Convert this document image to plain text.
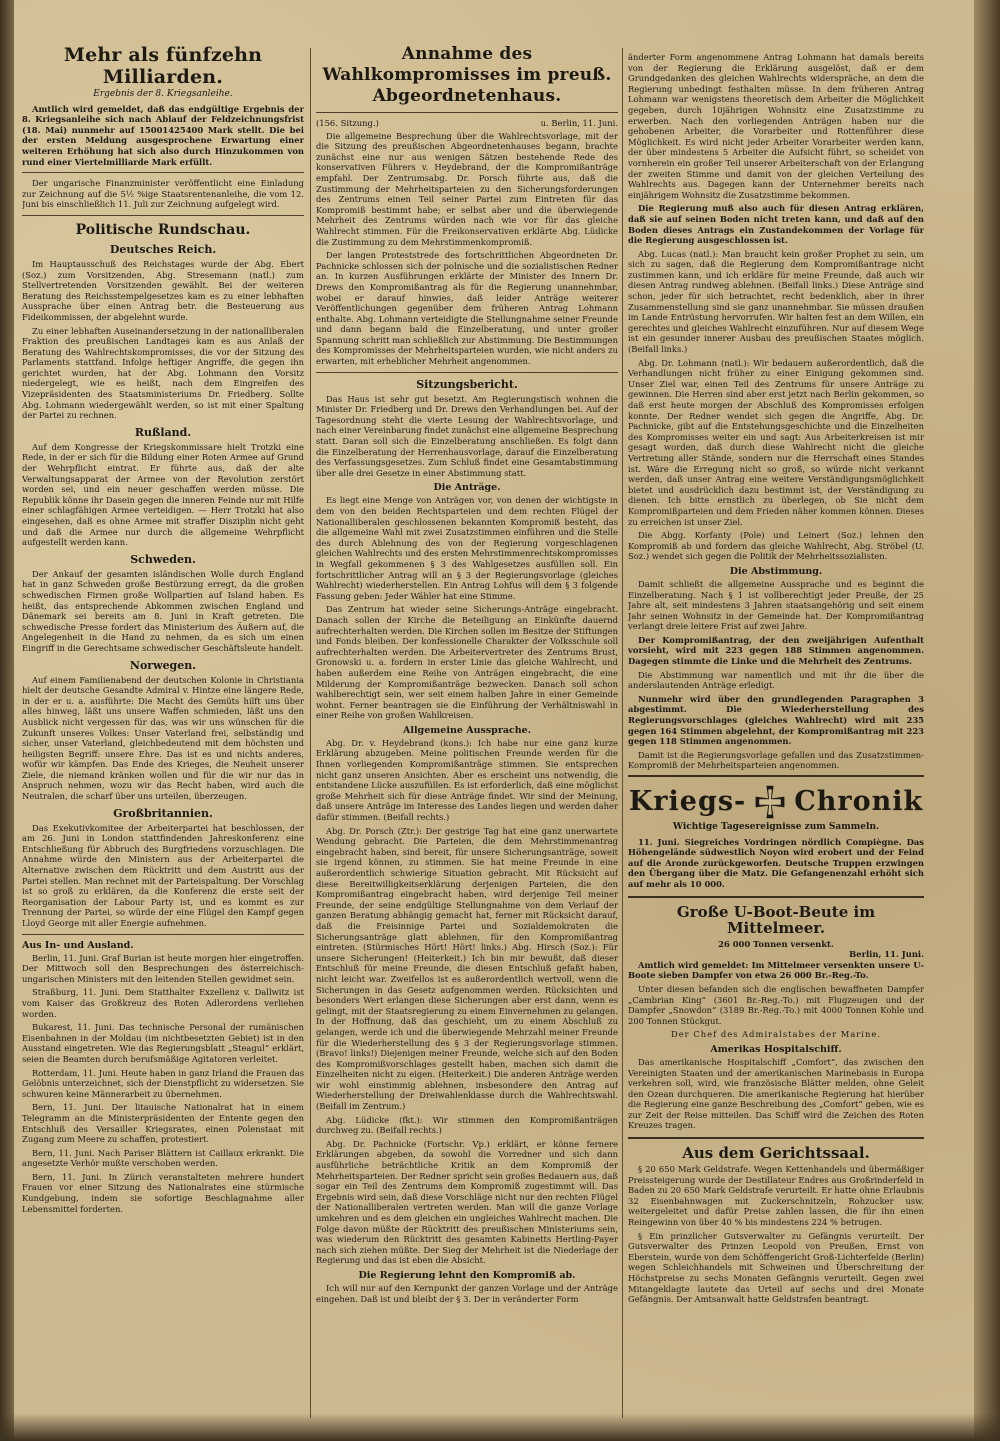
Mehr als fünfzehn Milliarden.
Ergebnis der 8. Kriegsanleihe.

Amtlich wird gemeldet, daß das endgültige Ergebnis der 8. Kriegsanleihe sich nach Ablauf der Feldzeichnungsfrist (18. Mai) nunmehr auf 15001425400 Mark stellt. Die bei der ersten Meldung ausgesprochene Erwartung einer weiteren Erhöhung hat sich also durch Hinzukommen von rund einer Viertelmilliarde Mark erfüllt.

Der ungarische Finanzminister veröffentlicht eine Einladung zur Zeichnung auf die 5½ %ige Staatsrentenanleihe, die vom 12. Juni bis einschließlich 11. Juli zur Zeichnung aufgelegt wird.

Politische Rundschau.
Deutsches Reich.

Im Hauptausschuß des Reichstages wurde der Abg. Ebert (Soz.) zum Vorsitzenden, Abg. Stresemann (natl.) zum Stellvertretenden Vorsitzenden gewählt. Bei der weiteren Beratung des Reichsstempelgesetzes kam es zu einer lebhaften Aussprache über einen Antrag betr. die Besteuerung aus Fideikommissen, der abgelehnt wurde.

Zu einer lebhaften Auseinandersetzung in der nationalliberalen Fraktion des preußischen Landtages kam es aus Anlaß der Beratung des Wahlrechtskompromisses, die vor der Sitzung des Parlaments stattfand. Infolge heftiger Angriffe, die gegen ihn gerichtet wurden, hat der Abg. Lohmann den Vorsitz niedergelegt, wie es heißt, nach dem Eingreifen des Vizepräsidenten des Staatsministeriums Dr. Friedberg. Sollte Abg. Lohmann wiedergewählt werden, so ist mit einer Spaltung der Partei zu rechnen.

Rußland.

Auf dem Kongresse der Kriegskommissare hielt Trotzki eine Rede, in der er sich für die Bildung einer Roten Armee auf Grund der Wehrpflicht eintrat. Er führte aus, daß der alte Verwaltungsapparat der Armee von der Revolution zerstört worden sei, und ein neuer geschaffen werden müsse. Die Republik könne ihr Dasein gegen die inneren Feinde nur mit Hilfe einer schlagfähigen Armee verteidigen. — Herr Trotzki hat also eingesehen, daß es ohne Armee mit straffer Disziplin nicht geht und daß die Armee nur durch die allgemeine Wehrpflicht aufgestellt werden kann.

Schweden.

Der Ankauf der gesamten isländischen Wolle durch England hat in ganz Schweden große Bestürzung erregt, da die großen schwedischen Firmen große Wollpartien auf Island haben. Es heißt, das entsprechende Abkommen zwischen England und Dänemark sei bereits am 8. Juni in Kraft getreten. Die schwedische Presse fordert das Ministerium des Äußern auf, die Angelegenheit in die Hand zu nehmen, da es sich um einen Eingriff in die Gerechtsame schwedischer Geschäftsleute handelt.

Norwegen.

Auf einem Familienabend der deutschen Kolonie in Christiania hielt der deutsche Gesandte Admiral v. Hintze eine längere Rede, in der er u. a. ausführte: Die Macht des Gemüts hilft uns über alles hinweg, läßt uns unsere Waffen schmieden, läßt uns den Ausblick nicht vergessen für das, was wir uns wünschen für die Zukunft unseres Volkes: Unser Vaterland frei, selbständig und sicher, unser Vaterland, gleichbedeutend mit dem höchsten und heiligsten Begriff: unsere Ehre. Das ist es und nichts anderes, wofür wir kämpfen. Das Ende des Krieges, die Neuheit unserer Ziele, die niemand kränken wollen und für die wir nur das in Anspruch nehmen, wozu wir das Recht haben, wird auch die Neutralen, die scharf über uns urteilen, überzeugen.

Großbritannien.

Das Exekutivkomitee der Arbeiterpartei hat beschlossen, der am 26. Juni in London stattfindenden Jahreskonferenz eine Entschließung für Abbruch des Burgfriedens vorzuschlagen. Die Annahme würde den Ministern aus der Arbeiterpartei die Alternative zwischen dem Rücktritt und dem Austritt aus der Partei stellen. Man rechnet mit der Parteispaltung. Der Vorschlag ist so groß zu erklären, da die Konferenz die erste seit der Reorganisation der Labour Party ist, und es kommt es zur Trennung der Partei, so würde der eine Flügel den Kampf gegen Lloyd George mit aller Energie aufnehmen.

Aus In- und Ausland.

Berlin, 11. Juni. Graf Burian ist heute morgen hier eingetroffen. Der Mittwoch soll den Besprechungen des österreichisch-ungarischen Ministers mit den leitenden Stellen gewidmet sein.

Straßburg, 11. Juni. Dem Statthalter Exzellenz v. Dallwitz ist vom Kaiser das Großkreuz des Roten Adlerordens verliehen worden.

Bukarest, 11. Juni. Das technische Personal der rumänischen Eisenbahnen in der Moldau (im nichtbesetzten Gebiet) ist in den Ausstand eingetreten. Wie das Regierungsblatt „Steagul“ erklärt, seien die Beamten durch berufsmäßige Agitatoren verleitet.

Rotterdam, 11. Juni. Heute haben in ganz Irland die Frauen das Gelöbnis unterzeichnet, sich der Dienstpflicht zu widersetzen. Sie schwuren keine Männerarbeit zu übernehmen.

Bern, 11. Juni. Der litauische Nationalrat hat in einem Telegramm an die Ministerpräsidenten der Entente gegen den Entschluß des Versailler Kriegsrates, einen Polenstaat mit Zugang zum Meere zu schaffen, protestiert.

Bern, 11. Juni. Nach Pariser Blättern ist Caillaux erkrankt. Die angesetzte Verhör mußte verschoben werden.

Bern, 11. Juni. In Zürich veranstalteten mehrere hundert Frauen vor einer Sitzung des Nationalrates eine stürmische Kundgebung, indem sie sofortige Beschlagnahme aller Lebensmittel forderten.

Annahme des Wahlkompromisses im preuß. Abgeordnetenhaus.
(156. Sitzung.)	u. Berlin, 11. Juni.

Die allgemeine Besprechung über die Wahlrechtsvorlage, mit der die Sitzung des preußischen Abgeordnetenhauses begann, brachte zunächst eine nur aus wenigen Sätzen bestehende Rede des konservativen Führers v. Heydebrand, der die Kompromißanträge empfahl. Der Zentrumsabg. Dr. Porsch führte aus, daß die Zustimmung der Mehrheitsparteien zu den Sicherungsforderungen des Zentrums einen Teil seiner Partei zum Eintreten für das Kompromiß bestimmt habe; er selbst aber und die überwiegende Mehrheit des Zentrums würden nach wie vor für das gleiche Wahlrecht stimmen. Für die Freikonservativen erklärte Abg. Lüdicke die Zustimmung zu dem Mehrstimmenkompromiß.

Der langen Proteststrede des fortschrittlichen Abgeordneten Dr. Pachnicke schlossen sich der polnische und die sozialistischen Redner an. In kurzen Ausführungen erklärte der Minister des Innern Dr. Drews den Kompromißantrag als für die Regierung unannehmbar, wobei er darauf hinwies, daß leider Anträge weiterer Veröffentlichungen gegenüber dem früheren Antrag Lohmann enthalte. Abg. Lohmann verteidigte die Stellungnahme seiner Freunde und dann begann bald die Einzelberatung, und unter großer Spannung schritt man schließlich zur Abstimmung. Die Bestimmungen des Kompromisses der Mehrheitsparteien wurden, wie nicht anders zu erwarten, mit erheblicher Mehrheit angenommen.

Sitzungsbericht.

Das Haus ist sehr gut besetzt. Am Regierungstisch wohnen die Minister Dr. Friedberg und Dr. Drews den Verhandlungen bei. Auf der Tagesordnung steht die vierte Lesung der Wahlrechtsvorlage, und nach einer Vereinbarung findet zunächst eine allgemeine Besprechung statt. Daran soll sich die Einzelberatung anschließen. Es folgt dann die Einzelberatung der Herrenhausvorlage, darauf die Einzelberatung des Verfassungsgesetzes. Zum Schluß findet eine Gesamtabstimmung über alle drei Gesetze in einer Abstimmung statt.

Die Anträge.

Es liegt eine Menge von Anträgen vor, von denen der wichtigste in dem von den beiden Rechtsparteien und dem rechten Flügel der Nationalliberalen geschlossenen bekannten Kompromiß besteht, das die allgemeine Wahl mit zwei Zusatzstimmen einführen und die Stelle des durch Ablehnung des von der Regierung vorgeschlagenen gleichen Wahlrechts und des ersten Mehrstimmenrechtskompromisses in Wegfall gekommenen § 3 des Wahlgesetzes ausfüllen soll. Ein fortschrittlicher Antrag will an § 3 der Regierungsvorlage (gleiches Wahlrecht) wiederherstellen. Ein Antrag Lohfus will dem § 3 folgende Fassung geben: Jeder Wähler hat eine Stimme.

Das Zentrum hat wieder seine Sicherungs-Anträge eingebracht. Danach sollen der Kirche die Beteiligung an Einkünfte dauernd aufrechterhalten werden. Die Kirchen sollen im Besitze der Stiftungen und Fonds bleiben. Der konfessionelle Charakter der Volksschule soll aufrechterhalten werden. Die Arbeitervertreter des Zentrums Brust, Gronowski u. a. fordern in erster Linie das gleiche Wahlrecht, und haben außerdem eine Reihe von Anträgen eingebracht, die eine Milderung der Kompromißanträge bezwecken. Danach soll schon wahlberechtigt sein, wer seit einem halben Jahre in einer Gemeinde wohnt. Ferner beantragen sie die Einführung der Verhältniswahl in einer Reihe von großen Wahlkreisen.

Allgemeine Aussprache.

Abg. Dr. v. Heydebrand (kons.): Ich habe nur eine ganz kurze Erklärung abzugeben. Meine politischen Freunde werden für die Ihnen vorliegenden Kompromißanträge stimmen. Sie entsprechen nicht ganz unseren Ansichten. Aber es erscheint uns notwendig, die entstandene Lücke auszufüllen. Es ist erforderlich, daß eine möglichst große Mehrheit sich für diese Anträge findet. Wir sind der Meinung, daß unsere Anträge im Interesse des Landes liegen und werden daher dafür stimmen. (Beifall rechts.)

Abg. Dr. Porsch (Ztr.): Der gestrige Tag hat eine ganz unerwartete Wendung gebracht. Die Parteien, die dem Mehrstimmenantrag eingebracht haben, sind bereit, für unsere Sicherungsanträge, soweit sie irgend können, zu stimmen. Sie hat meine Freunde in eine außerordentlich schwierige Situation gebracht. Mit Rücksicht auf diese Bereitwilligkeitserklärung derjenigen Parteien, die den Kompromißantrag eingebracht haben, wird derjenige Teil meiner Freunde, der seine endgültige Stellungnahme von dem Verlauf der ganzen Beratung abhängig gemacht hat, ferner mit Rücksicht darauf, daß die Freisinnige Partei und Sozialdemokraten die Sicherungsanträge glatt ablehnen, für den Kompromißantrag eintreten. (Stürmisches Hört! Hört! links.) Abg. Hirsch (Soz.): Für unsere Sicherungen! (Heiterkeit.) Ich bin mir bewußt, daß dieser Entschluß für meine Freunde, die diesen Entschluß gefaßt haben, nicht leicht war. Zweifellos ist es außerordentlich wertvoll, wenn die Sicherungen in das Gesetz aufgenommen werden. Rücksichten und besonders Wert erlangen diese Sicherungen aber erst dann, wenn es gelingt, mit der Staatsregierung zu einem Einvernehmen zu gelangen. In der Hoffnung, daß das geschieht, um zu einem Abschluß zu gelangen, werde ich und die überwiegende Mehrzahl meiner Freunde für die Wiederherstellung des § 3 der Regierungsvorlage stimmen. (Bravo! links!) Diejenigen meiner Freunde, welche sich auf den Boden des Kompromißvorschlages gestellt haben, machen sich damit die Einzelheiten nicht zu eigen. (Heiterkeit.) Die anderen Anträge werden wir wohl einstimmig ablehnen, insbesondere den Antrag auf Wiederherstellung der Dreiwahlenklasse durch die Wahlrechtswahl. (Beifall im Zentrum.)

Abg. Lüdicke (fkt.): Wir stimmen den Kompromißanträgen durchweg zu. (Beifall rechts.)

Abg. Dr. Pachnicke (Fortschr. Vp.) erklärt, er könne fernere Erklärungen abgeben, da sowohl die Vorredner und sich dann ausführliche beträchtliche Kritik an dem Kompromiß der Mehrheitsparteien. Der Redner spricht sein großes Bedauern aus, daß sogar ein Teil des Zentrums dem Kompromiß zugestimmt will. Das Ergebnis wird sein, daß diese Vorschläge nicht nur den rechten Flügel der Nationalliberalen vertreten werden. Man will die ganze Vorlage umkehren und es dem gleichen ein ungleiches Wahlrecht machen. Die Folge davon müßte der Rücktritt des preußischen Ministeriums sein, was wiederum den Rücktritt des gesamten Kabinetts Hertling-Payer nach sich ziehen müßte. Der Sieg der Mehrheit ist die Niederlage der Regierung und das ist eben die Absicht.

Die Regierung lehnt den Kompromiß ab.

Ich will nur auf den Kernpunkt der ganzen Vorlage und der Anträge eingehen. Daß ist und bleibt der § 3. Der in veränderter Form

änderter Form angenommene Antrag Lohmann hat damals bereits von der Regierung die Erklärung ausgelöst, daß er dem Grundgedanken des gleichen Wahlrechts widerspräche, an dem die Regierung unbedingt festhalten müsse. In dem früheren Antrag Lohmann war wenigstens theoretisch dem Arbeiter die Möglichkeit gegeben, durch 10jährigen Wohnsitz eine Zusatzstimme zu erwerben. Nach den vorliegenden Anträgen haben nur die gehobenen Arbeiter, die Vorarbeiter und Rottenführer diese Möglichkeit. Es wird nicht jeder Arbeiter Vorarbeiter werden kann, der über mindestens 5 Arbeiter die Aufsicht führt, so scheidet von vornherein ein großer Teil unserer Arbeiterschaft von der Erlangung der zweiten Stimme und damit von der gleichen Verteilung des Wahlrechts aus. Dagegen kann der Unternehmer bereits nach einjährigem Wohnsitz die Zusatzstimme bekommen.

Die Regierung muß also auch für diesen Antrag erklären, daß sie auf seinen Boden nicht treten kann, und daß auf den Boden dieses Antrags ein Zustandekommen der Vorlage für die Regierung ausgeschlossen ist.

Abg. Lucas (natl.): Man braucht kein großer Prophet zu sein, um sich zu sagen, daß die Regierung dem Kompromißantrage nicht zustimmen kann, und ich erkläre für meine Freunde, daß auch wir diesen Antrag rundweg ablehnen. (Beifall links.) Diese Anträge sind schon, jeder für sich betrachtet, recht bedenklich, aber in ihrer Zusammenstellung sind sie ganz unannehmbar. Sie müssen draußen im Lande Entrüstung hervorrufen. Wir halten fest an dem Willen, ein gerechtes und gleiches Wahlrecht einzuführen. Nur auf diesem Wege ist ein gesunder innerer Ausbau des preußischen Staates möglich. (Beifall links.)

Abg. Dr. Lohmann (natl.): Wir bedauern außerordentlich, daß die Verhandlungen nicht früher zu einer Einigung gekommen sind. Unser Ziel war, einen Teil des Zentrums für unsere Anträge zu gewinnen. Die Herren sind aber erst jetzt nach Berlin gekommen, so daß erst heute morgen der Abschluß des Kompromisses erfolgen konnte. Der Redner wendet sich gegen die Angriffe, Abg. Dr. Pachnicke, gibt auf die Entstehungsgeschichte und die Einzelheiten des Kompromisses weiter ein und sagt: Aus Arbeiterkreisen ist mir gesagt worden, daß durch diese Wahlrecht nicht die gleiche Vertretung aller Stände, sondern nur die Herrschaft eines Standes ist. Wäre die Erregung nicht so groß, so würde nicht verkannt werden, daß unser Antrag eine weitere Verständigungsmöglichkeit bietet und ausdrücklich dazu bestimmt ist, der Verständigung zu dienen. Ich bitte ernstlich zu überlegen, ob Sie nicht dem Kompromißparteien und dem Frieden näher kommen können. Dieses zu erreichen ist unser Ziel.

Die Abgg. Korfanty (Pole) und Leinert (Soz.) lehnen den Kompromiß ab und fordern das gleiche Wahlrecht, Abg. Ströbel (U. Soz.) wendet sich gegen die Politik der Mehrheitssozialisten.

Die Abstimmung.

Damit schließt die allgemeine Aussprache und es beginnt die Einzelberatung. Nach § 1 ist vollberechtigt jeder Preuße, der 25 Jahre alt, seit mindestens 3 Jahren staatsangehörig und seit einem Jahr seinen Wohnsitz in der Gemeinde hat. Der Kompromißantrag verlangt dreie leitere Frist auf zwei Jahre.

Der Kompromißantrag, der den zweijährigen Aufenthalt vorsieht, wird mit 223 gegen 188 Stimmen angenommen. Dagegen stimmte die Linke und die Mehrheit des Zentrums.

Die Abstimmung war namentlich und mit ihr die über die anderslautenden Anträge erledigt.

Nunmehr wird über den grundlegenden Paragraphen 3 abgestimmt. Die Wiederherstellung des Regierungsvorschlages (gleiches Wahlrecht) wird mit 235 gegen 164 Stimmen abgelehnt, der Kompromißantrag mit 223 gegen 118 Stimmen angenommen.

Damit ist die Regierungsvorlage gefallen und das Zusatzstimmen-Kompromiß der Mehrheitsparteien angenommen.

Kriegs- Chronik
Wichtige Tagesereignisse zum Sammeln.

11. Juni. Siegreiches Vordringen nördlich Compiègne. Das Höhengelände südwestlich Noyon wird erobert und der Feind auf die Aronde zurückgeworfen. Deutsche Truppen erzwingen den Übergang über die Matz. Die Gefangenenzahl erhöht sich auf mehr als 10 000.

Große U-Boot-Beute im Mittelmeer.
26 000 Tonnen versenkt.
Berlin, 11. Juni.

Amtlich wird gemeldet: Im Mittelmeer versenkten unsere U-Boote sieben Dampfer von etwa 26 000 Br.-Reg.-To.

Unter diesen befanden sich die englischen bewaffneten Dampfer „Cambrian King“ (3601 Br.-Reg.-To.) mit Flugzeugen und der Dampfer „Snowdon“ (3189 Br.-Reg.-To.) mit 4000 Tonnen Kohle und 200 Tonnen Stückgut.

Der Chef des Admiralstabes der Marine.
Amerikas Hospitalschiff.

Das amerikanische Hospitalschiff „Comfort“, das zwischen den Vereinigten Staaten und der amerikanischen Marinebasis in Europa verkehren soll, wird, wie französische Blätter melden, ohne Geleit den Ozean durchqueren. Die amerikanische Regierung hat hierüber die Regierung eine ganze Beschreibung des „Comfort“ geben, wie es zur Zeit der Reise mitteilen. Das Schiff wird die Zeichen des Roten Kreuzes tragen.

Aus dem Gerichtssaal.

§ 20 650 Mark Geldstrafe. Wegen Kettenhandels und übermäßiger Preissteigerung wurde der Destillateur Endres aus Großrinderfeld in Baden zu 20 650 Mark Geldstrafe verurteilt. Er hatte ohne Erlaubnis 32 Eisenbahnwagen mit Zuckerschnitzeln, Rohzucker usw. weitergeleitet und dafür Preise zahlen lassen, die für ihn einen Reingewinn von über 40 % bis mindestens 224 % betrugen.

§ Ein prinzlicher Gutsverwalter zu Gefängnis verurteilt. Der Gutsverwalter des Prinzen Leopold von Preußen, Ernst von Eberstein, wurde von dem Schöffengericht Groß-Lichterfelde (Berlin) wegen Schleichhandels mit Schweinen und Überschreitung der Höchstpreise zu sechs Monaten Gefängnis verurteilt. Gegen zwei Mitangeklagte lautete das Urteil auf sechs und drei Monate Gefängnis. Der Amtsanwalt hatte Geldstrafen beantragt.
